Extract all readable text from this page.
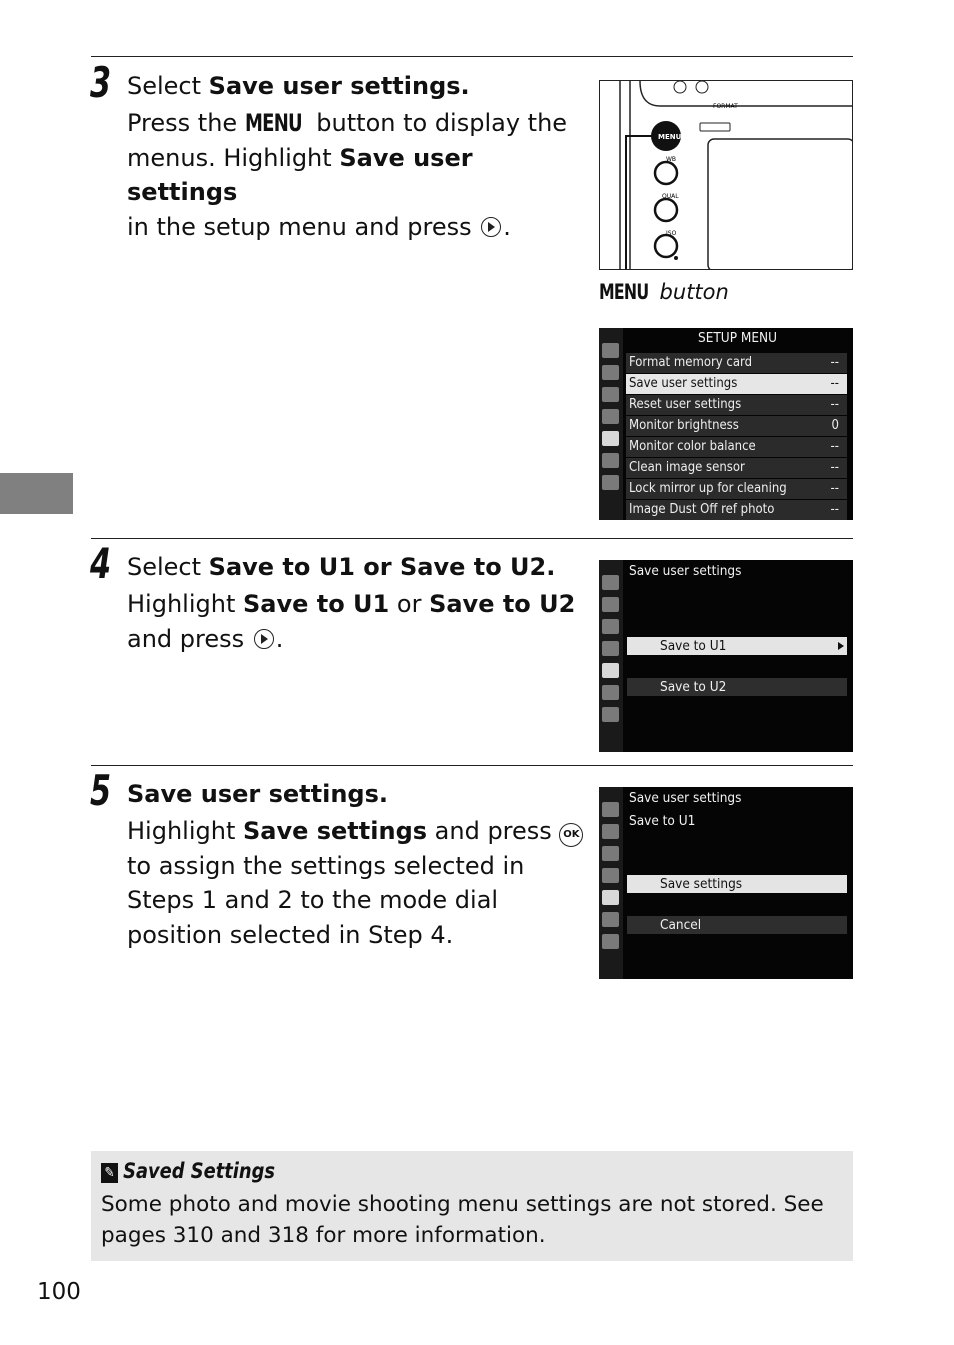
3 Select Save user settings.
Press the MENU button to display the
menus. Highlight Save user settings
in the setup menu and press .
FORMAT
MENU
WB
QUAL
ISO
MENU button
SETUP MENU
Format memory card	--
Save user settings	--
Reset user settings	--
Monitor brightness	0
Monitor color balance	--
Clean image sensor	--
Lock mirror up for cleaning	--
Image Dust Off ref photo	--
4 Select Save to U1 or Save to U2.
Highlight Save to U1 or Save to U2
and press .
Save user settings
Save to U1
Save to U2
5 Save user settings.
Highlight Save settings and press OK
to assign the settings selected in
Steps 1 and 2 to the mode dial
position selected in Step 4.
Save user settings
Save to U1
Save settings
Cancel
✎ Saved Settings
Some photo and movie shooting menu settings are not stored. See
pages 310 and 318 for more information.
100
